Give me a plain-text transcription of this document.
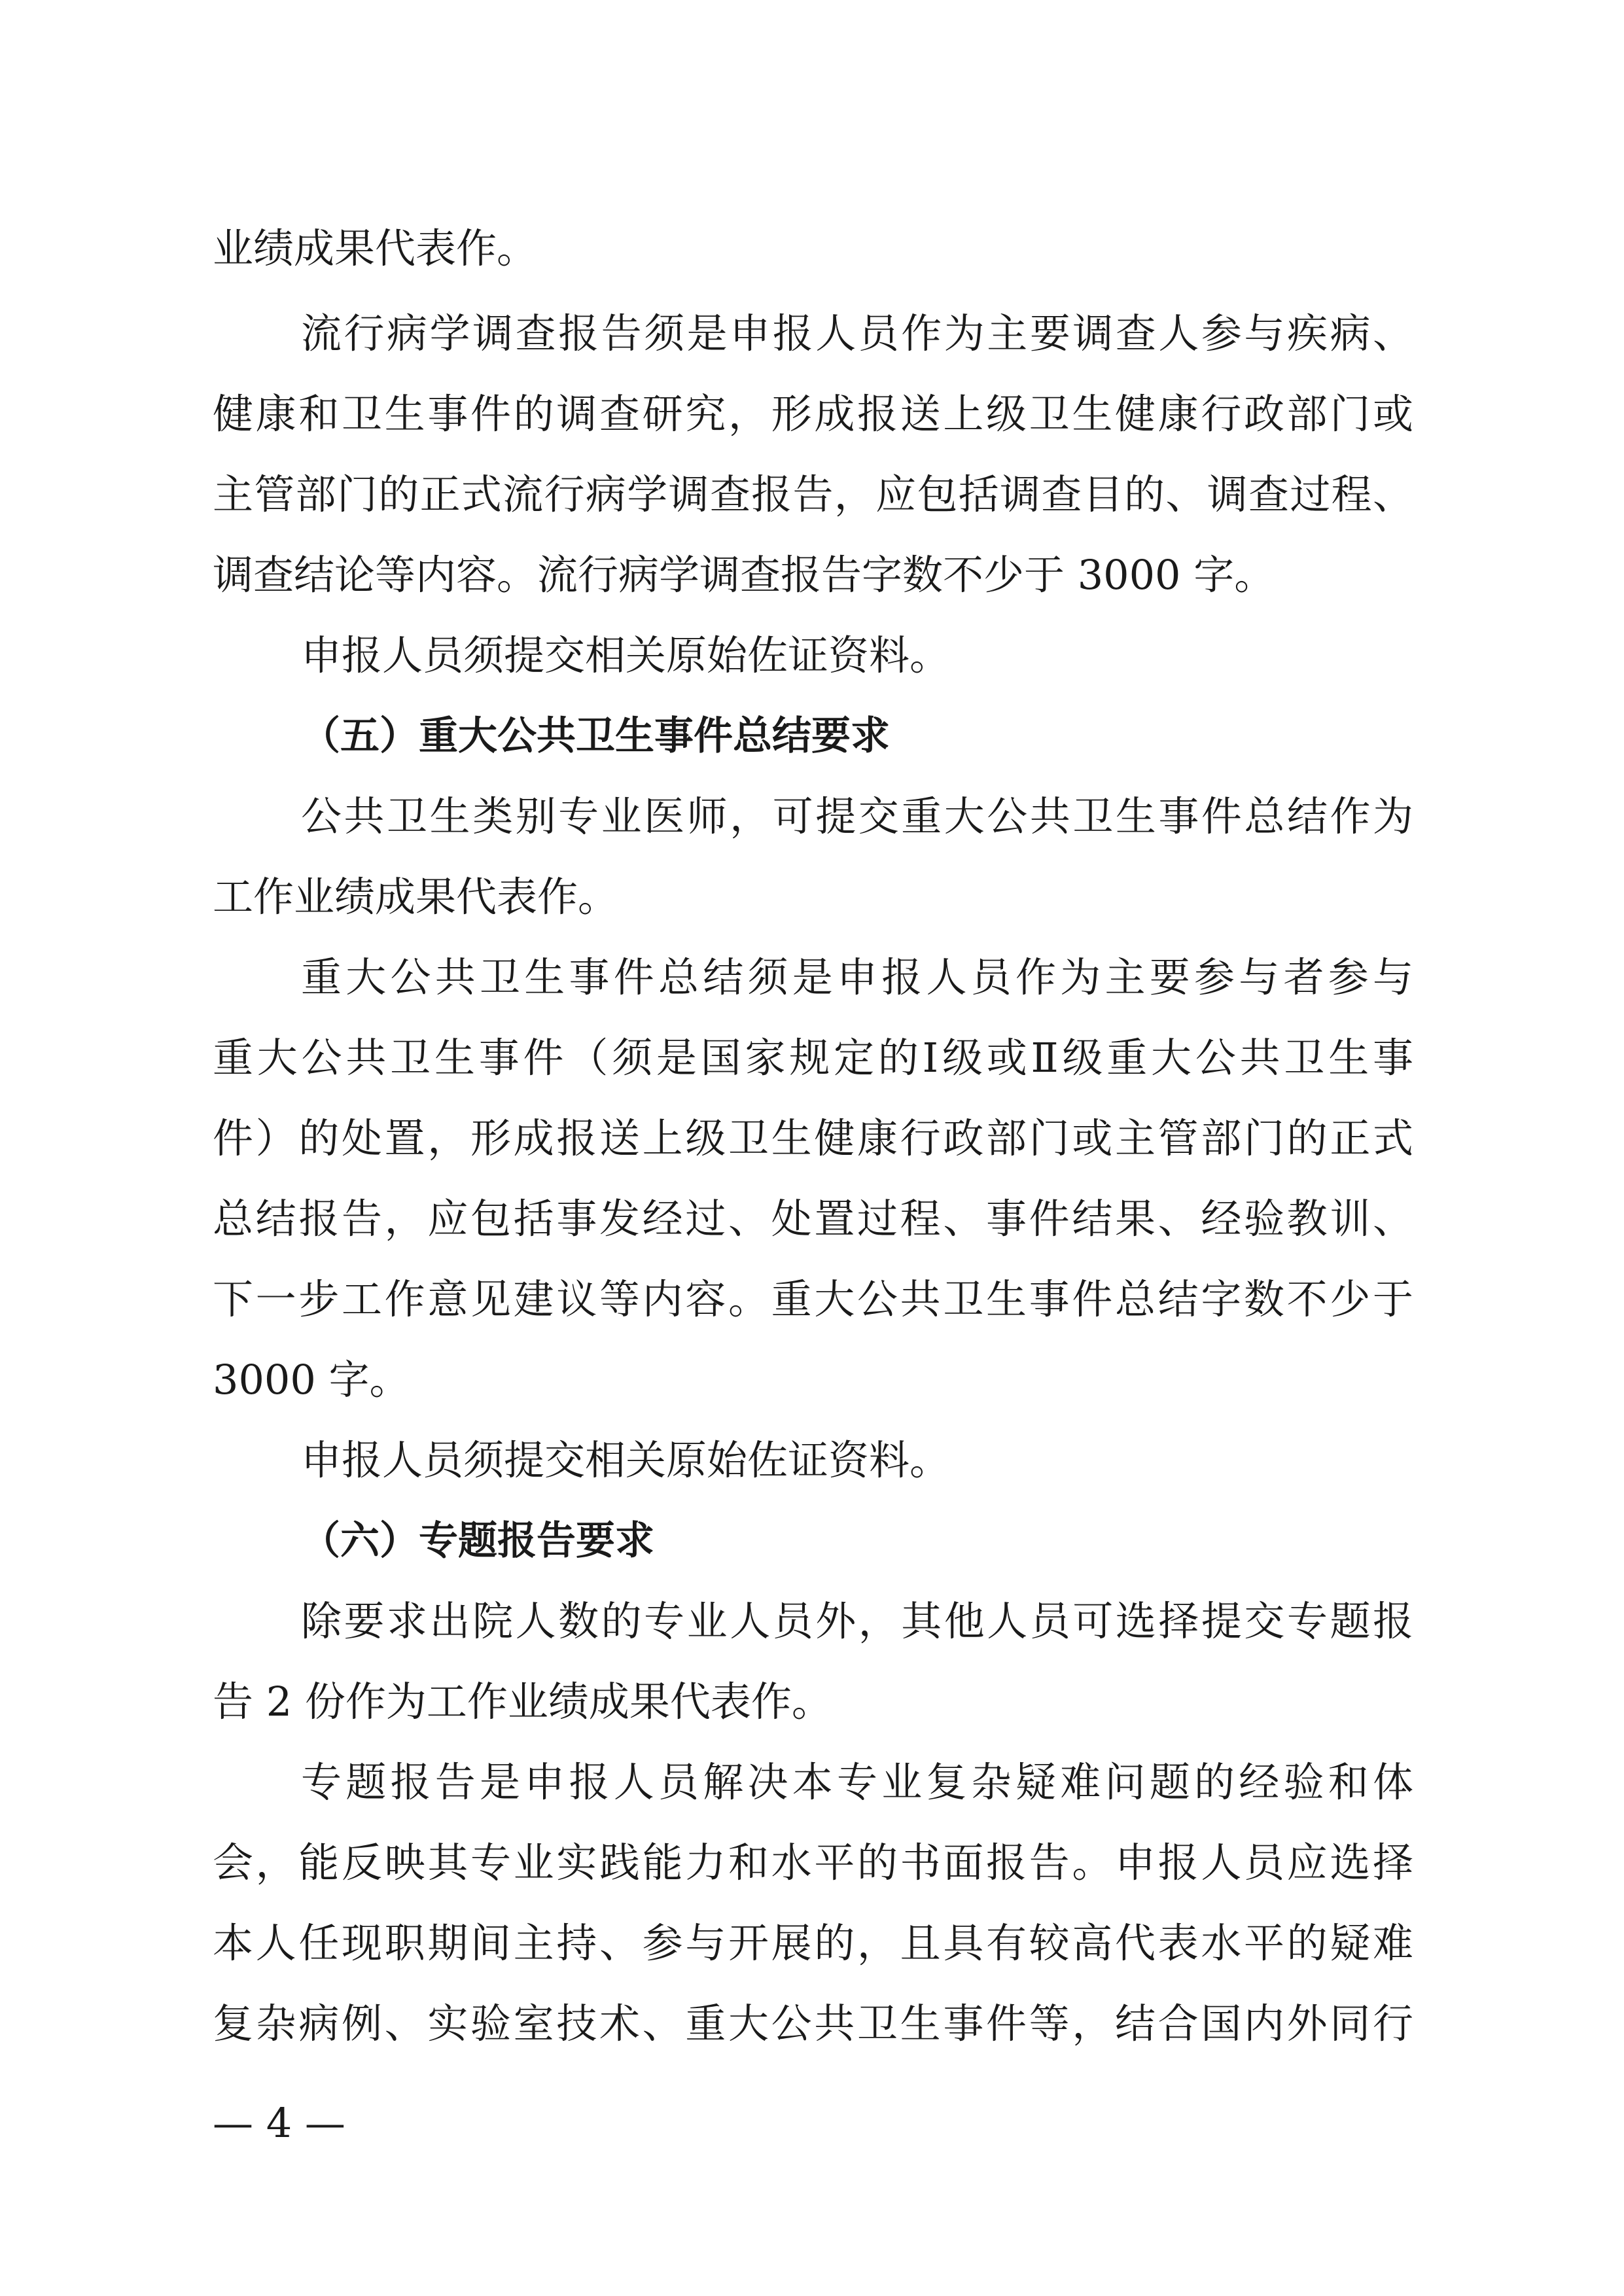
业绩成果代表作。
流行病学调查报告须是申报人员作为主要调查人参与疾病、
健康和卫生事件的调查研究，形成报送上级卫生健康行政部门或
主管部门的正式流行病学调查报告，应包括调查目的、调查过程、
调查结论等内容。流行病学调查报告字数不少于 3000 字。
申报人员须提交相关原始佐证资料。
（五）重大公共卫生事件总结要求
公共卫生类别专业医师，可提交重大公共卫生事件总结作为
工作业绩成果代表作。
重大公共卫生事件总结须是申报人员作为主要参与者参与
重大公共卫生事件（须是国家规定的Ⅰ级或Ⅱ级重大公共卫生事
件）的处置，形成报送上级卫生健康行政部门或主管部门的正式
总结报告，应包括事发经过、处置过程、事件结果、经验教训、
下一步工作意见建议等内容。重大公共卫生事件总结字数不少于
3000 字。
申报人员须提交相关原始佐证资料。
（六）专题报告要求
除要求出院人数的专业人员外，其他人员可选择提交专题报
告 2 份作为工作业绩成果代表作。
专题报告是申报人员解决本专业复杂疑难问题的经验和体
会，能反映其专业实践能力和水平的书面报告。申报人员应选择
本人任现职期间主持、参与开展的，且具有较高代表水平的疑难
复杂病例、实验室技术、重大公共卫生事件等，结合国内外同行
— 4 —
